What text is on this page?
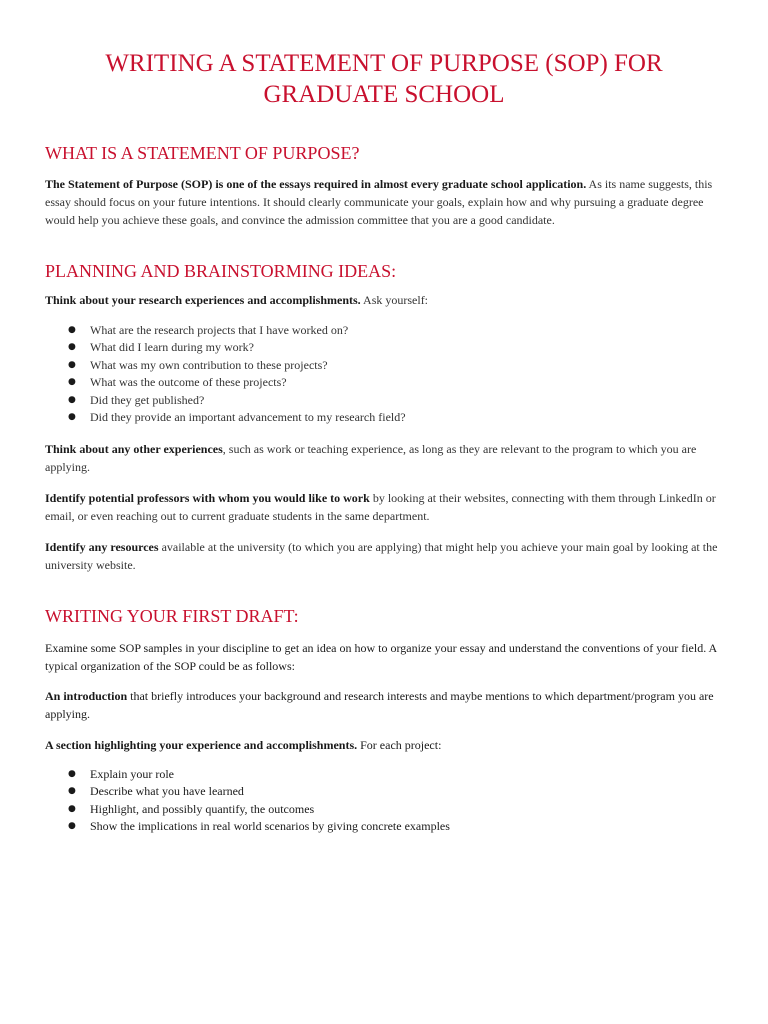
WRITING A STATEMENT OF PURPOSE (SOP) FOR GRADUATE SCHOOL
WHAT IS A STATEMENT OF PURPOSE?

The Statement of Purpose (SOP) is one of the essays required in almost every graduate school application. As its name suggests, this essay should focus on your future intentions. It should clearly communicate your goals, explain how and why pursuing a graduate degree would help you achieve these goals, and convince the admission committee that you are a good candidate.

PLANNING AND BRAINSTORMING IDEAS:

Think about your research experiences and accomplishments. Ask yourself:

● What are the research projects that I have worked on?
● What did I learn during my work?
● What was my own contribution to these projects?
● What was the outcome of these projects?
● Did they get published?
● Did they provide an important advancement to my research field?

Think about any other experiences, such as work or teaching experience, as long as they are relevant to the program to which you are applying.

Identify potential professors with whom you would like to work by looking at their websites, connecting with them through LinkedIn or email, or even reaching out to current graduate students in the same department.

Identify any resources available at the university (to which you are applying) that might help you achieve your main goal by looking at the university website.

WRITING YOUR FIRST DRAFT:

Examine some SOP samples in your discipline to get an idea on how to organize your essay and understand the conventions of your field. A typical organization of the SOP could be as follows:

An introduction that briefly introduces your background and research interests and maybe mentions to which department/program you are applying.

A section highlighting your experience and accomplishments. For each project:

● Explain your role
● Describe what you have learned
● Highlight, and possibly quantify, the outcomes
● Show the implications in real world scenarios by giving concrete examples
